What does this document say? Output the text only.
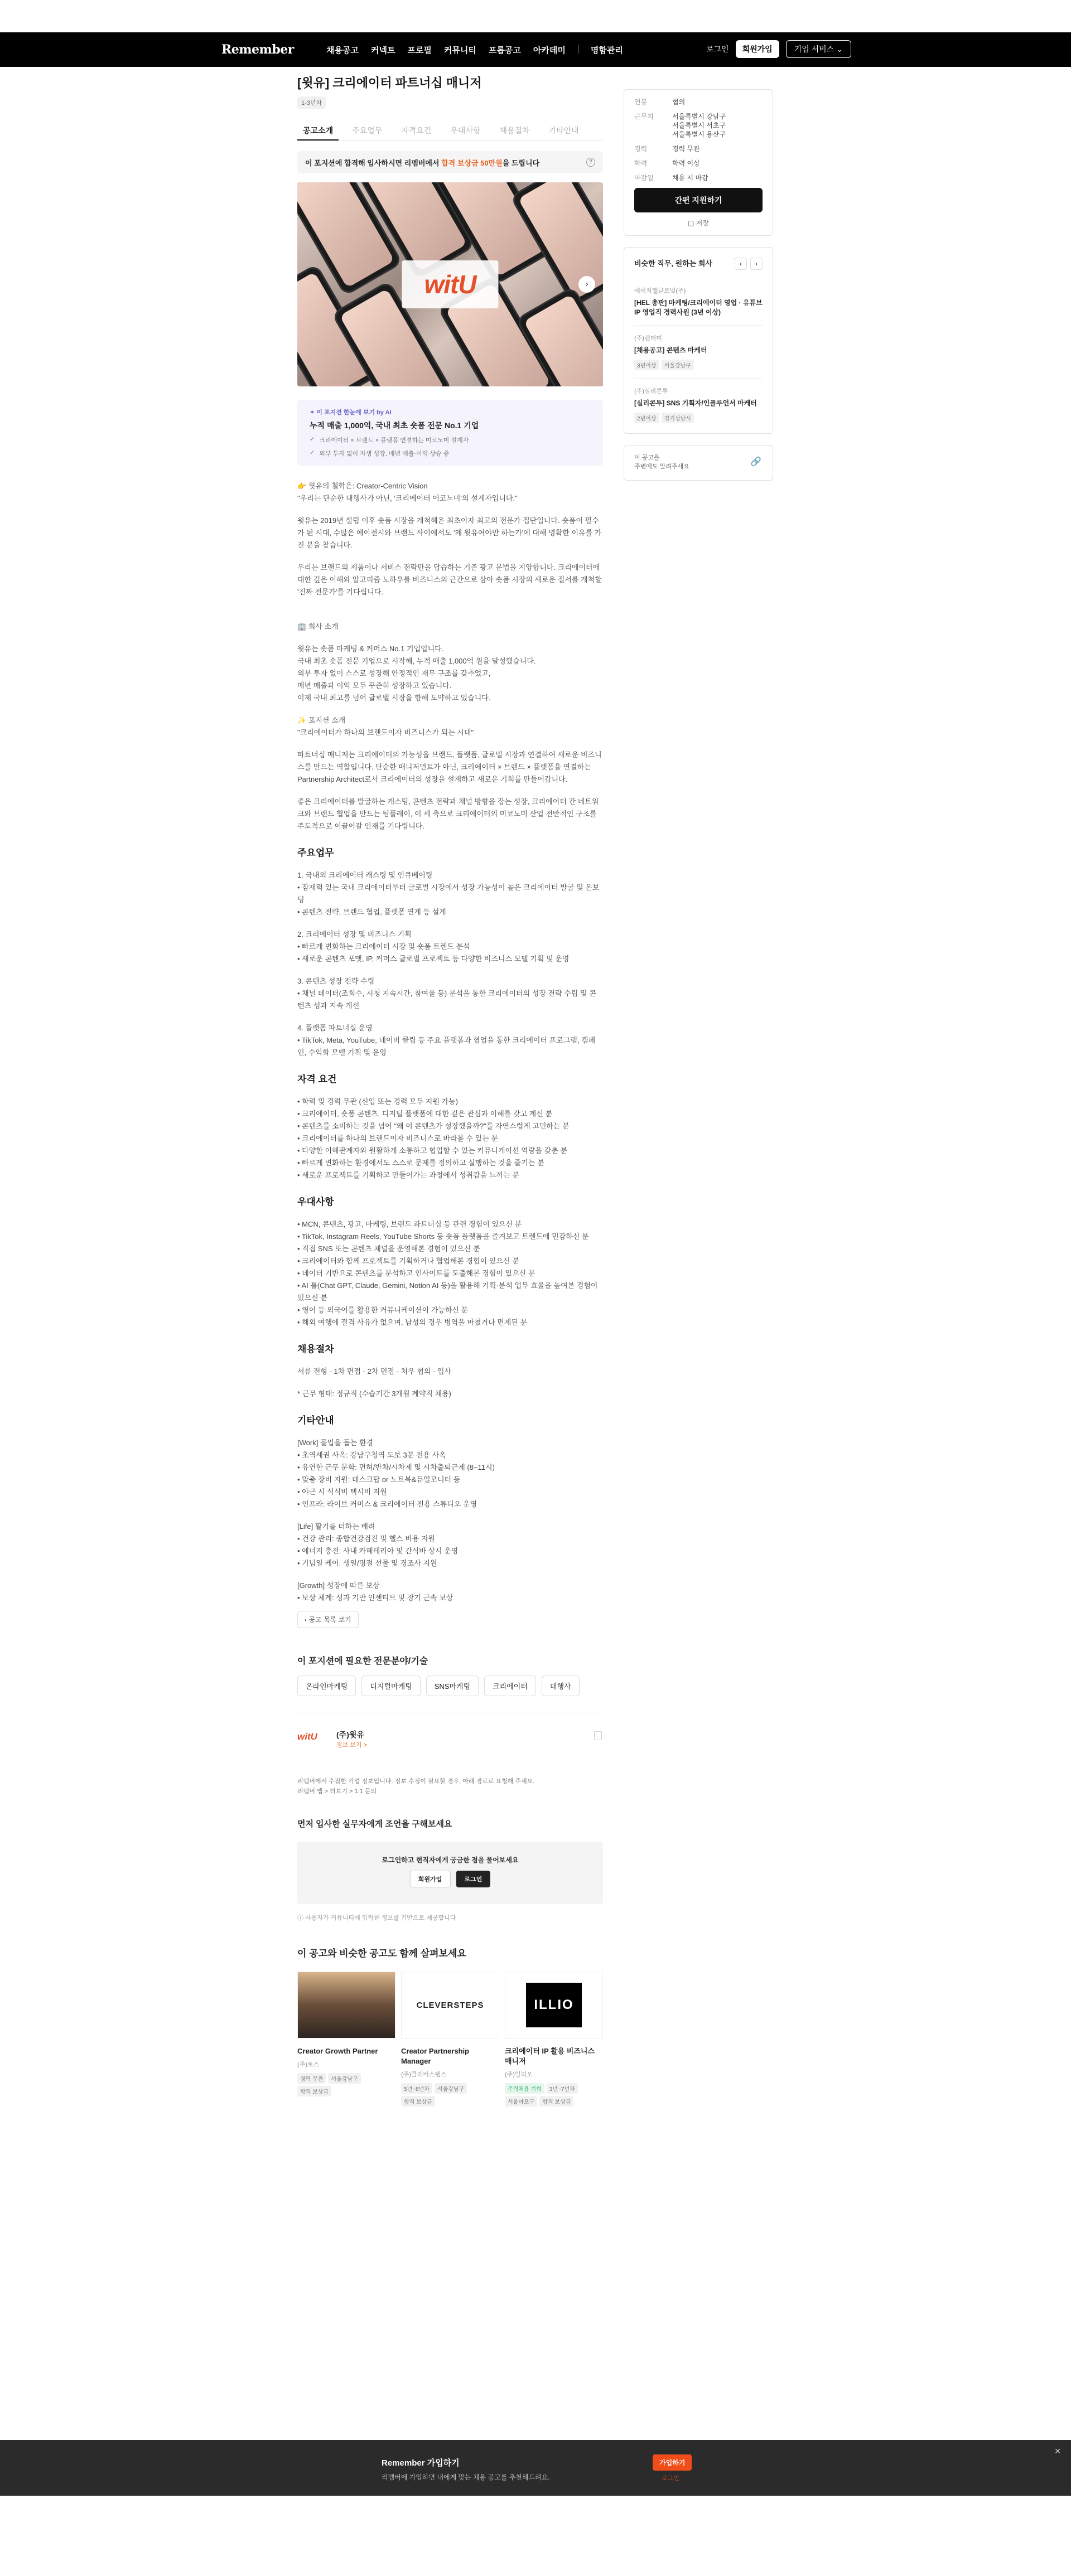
Remember	채용공고 커넥트 프로필 커뮤니티 프롭공고 아카데미	명함관리	로그인	회원가입	기업 서비스 ⌄
[윗유] 크리에이터 파트너십 매니저
1-3년차
공고소개	주요업무	자격요건	우대사항	채용절차	기타안내
이 포지션에 합격해 입사하시면 리멤버에서 합격 보상금 50만원을 드립니다	?
witU	›
✦ 이 포지션 한눈에 보기 by AI
누적 매출 1,000억, 국내 최초 숏폼 전문 No.1 기업
✓ 크리에이터 × 브랜드 × 플랫폼 연결하는 미코노미 설계자
✓ 외부 투자 없이 자생 성장, 매년 매출·이익 상승 중
👉 윗유의 철학은: Creator-Centric Vision

"우리는 단순한 대행사가 아닌, '크리에이터 이코노미'의 설계자입니다."

윗유는 2019년 설립 이후 숏폼 시장을 개척해온 최초이자 최고의 전문가 집단입니다. 숏폼이 필수가 된 시대, 수많은 에이전시와 브랜드 사이에서도 '왜 윗유여야만 하는가'에 대해 명확한 이유를 가진 분을 찾습니다.

우리는 브랜드의 제품이나 서비스 전략만을 답습하는 기존 광고 문법을 지양합니다. 크리에이터에 대한 깊은 이해와 알고리즘 노하우를 비즈니스의 근간으로 삼아 숏폼 시장의 새로운 질서를 개척할 '진짜 전문가'를 기다립니다.

🏢 회사 소개

윗유는 숏폼 마케팅 & 커머스 No.1 기업입니다.
국내 최초 숏폼 전문 기업으로 시작해, 누적 매출 1,000억 원을 달성했습니다.
외부 투자 없이 스스로 성장해 안정적인 재무 구조를 갖추었고,
매년 매출과 이익 모두 꾸준히 성장하고 있습니다.

이제 국내 최고를 넘어 글로벌 시장을 향해 도약하고 있습니다.

✨ 포지션 소개

"크리에이터가 하나의 브랜드이자 비즈니스가 되는 시대"

파트너십 매니저는 크리에이터의 가능성을 브랜드, 플랫폼, 글로벌 시장과 연결하여 새로운 비즈니스를 만드는 역할입니다. 단순한 매니저먼트가 아닌, 크리에이터 × 브랜드 × 플랫폼을 연결하는 Partnership Architect로서 크리에이터의 성장을 설계하고 새로운 기회를 만들어갑니다.

좋은 크리에이터를 발굴하는 캐스팅, 콘텐츠 전략과 채널 방향을 잡는 성장, 크리에이터 간 네트워크와 브랜드 협업을 만드는 팀플레이, 이 세 축으로 크리에이터의 미코노미 산업 전반적인 구조를 주도적으로 이끌어갈 인재를 기다립니다.

주요업무
1. 국내외 크리에이터 캐스팅 및 인큐베이팅
• 잠재력 있는 국내 크리에이터부터 글로벌 시장에서 성장 가능성이 높은 크리에이터 발굴 및 온보딩
• 콘텐츠 전략, 브랜드 협업, 플랫폼 연계 등 설계
2. 크리에이터 성장 및 비즈니스 기획
• 빠르게 변화하는 크리에이터 시장 및 숏폼 트렌드 분석
• 새로운 콘텐츠 포맷, IP, 커머스 글로벌 프로젝트 등 다양한 비즈니스 모델 기획 및 운영
3. 콘텐츠 성장 전략 수립
• 채널 데이터(조회수, 시청 지속시간, 참여율 등) 분석을 통한 크리에이터의 성장 전략 수립 및 콘텐츠 성과 지속 개선
4. 플랫폼 파트너십 운영
• TikTok, Meta, YouTube, 네이버 클립 등 주요 플랫폼과 협업을 통한 크리에이터 프로그램, 캠페인, 수익화 모델 기획 및 운영
자격 요건
• 학력 및 경력 무관 (신입 또는 경력 모두 지원 가능)
• 크리에이터, 숏폼 콘텐츠, 디지털 플랫폼에 대한 깊은 관심과 이해를 갖고 계신 분
• 콘텐츠를 소비하는 것을 넘어 "왜 이 콘텐츠가 성장했을까?"를 자연스럽게 고민하는 분
• 크리에이터를 하나의 브랜드이자 비즈니스로 바라볼 수 있는 분
• 다양한 이해관계자와 원활하게 소통하고 협업할 수 있는 커뮤니케이션 역량을 갖춘 분
• 빠르게 변화하는 환경에서도 스스로 문제를 정의하고 실행하는 것을 즐기는 분
• 새로운 프로젝트를 기획하고 만들어가는 과정에서 성취감을 느끼는 분
우대사항
• MCN, 콘텐츠, 광고, 마케팅, 브랜드 파트너십 등 관련 경험이 있으신 분
• TikTok, Instagram Reels, YouTube Shorts 등 숏폼 플랫폼을 즐겨보고 트렌드에 민감하신 분
• 직접 SNS 또는 콘텐츠 채널을 운영해본 경험이 있으신 분
• 크리에이터와 함께 프로젝트를 기획하거나 협업해본 경험이 있으신 분
• 데이터 기반으로 콘텐츠를 분석하고 인사이트를 도출해본 경험이 있으신 분
• AI 툴(Chat GPT, Claude, Gemini, Notion AI 등)을 활용해 기획·분석 업무 효율을 높여본 경험이 있으신 분
• 영어 등 외국어를 활용한 커뮤니케이션이 가능하신 분
• 해외 여행에 결격 사유가 없으며, 남성의 경우 병역을 마쳤거나 면제된 분
채용절차

서류 전형 - 1차 면접 - 2차 면접 - 처우 협의 - 입사

* 근무 형태: 정규직 (수습기간 3개월 계약직 채용)

기타안내
[Work] 몰입을 돕는 환경
• 초역세권 사옥: 강남구청역 도보 3분 전용 사옥
• 유연한 근무 문화: 면허/반차/시차제 및 시차출퇴근제 (8~11시)
• 맞춤 장비 지원: 데스크탑 or 노트북&듀얼모니터 등
• 야근 시 석식비 택시비 지원
• 인프라: 라이브 커머스 & 크리에이터 전용 스튜디오 운영
[Life] 활기를 더하는 배려
• 건강 관리: 종합건강검진 및 헬스 비용 지원
• 에너지 충전: 사내 카페테리아 및 간식바 상시 운영
• 기념일 케어: 생일/명절 선물 및 경조사 지원
[Growth] 성장에 따른 보상
• 보상 체계: 성과 기반 인센티브 및 장기 근속 보상
‹ 공고 목록 보기
이 포지션에 필요한 전문분야/기술
온라인마케팅	디지털마케팅	SNS마케팅	크리에이터	대행사
witU	(주)윗유
정보 보기 >
리멤버에서 수집한 기업 정보입니다. 정보 수정이 필요할 경우, 아래 경로로 요청해 주세요.
리멤버 앱 > 더보기 > 1:1 문의
먼저 입사한 실무자에게 조언을 구해보세요
로그인하고 현직자에게 궁금한 점을 물어보세요
회원가입	로그인
ⓘ 사용자가 커뮤니티에 입력한 정보를 기반으로 제공합니다
이 공고와 비슷한 공고도 함께 살펴보세요
Creator Growth Partner
(주)토스
경력 무관	서울강남구
합격 보상금
CLEVERSTEPS
Creator Partnership Manager
(주)클레버스텝스
5년~8년차	서울강남구
합격 보상금
ILLIO
크리에이터 IP 활용 비즈니스 매니저
(주)일리오
주력채용 기회	3년~7년차
서울마포구	합격 보상금
연봉	협의
근무지	서울특별시 강남구
서울특별시 서초구
서울특별시 용산구
경력	경력 무관
학력	학력 이상
마감일	채용 시 마감
간편 지원하기
▢ 저장
비슷한 직무, 원하는 회사	‹	›
에이치엘글로벌(주)
[HEL 총판] 마케팅/크리에이터 영업 · 유튜브 IP 영업직 경력사원 (3년 이상)
(주)랜더미
[채용공고] 콘텐츠 마케터
3년이상	서울강남구
(주)실리콘투
[실리콘투] SNS 기획자/인플루언서 마케터
2년이상	경기성남시
이 공고를
주변에도 알려주세요	🔗
Remember 가입하기
리멤버에 가입하면 내에게 맞는 채용 공고를 추천해드려요.
가입하기
로그인
✕
